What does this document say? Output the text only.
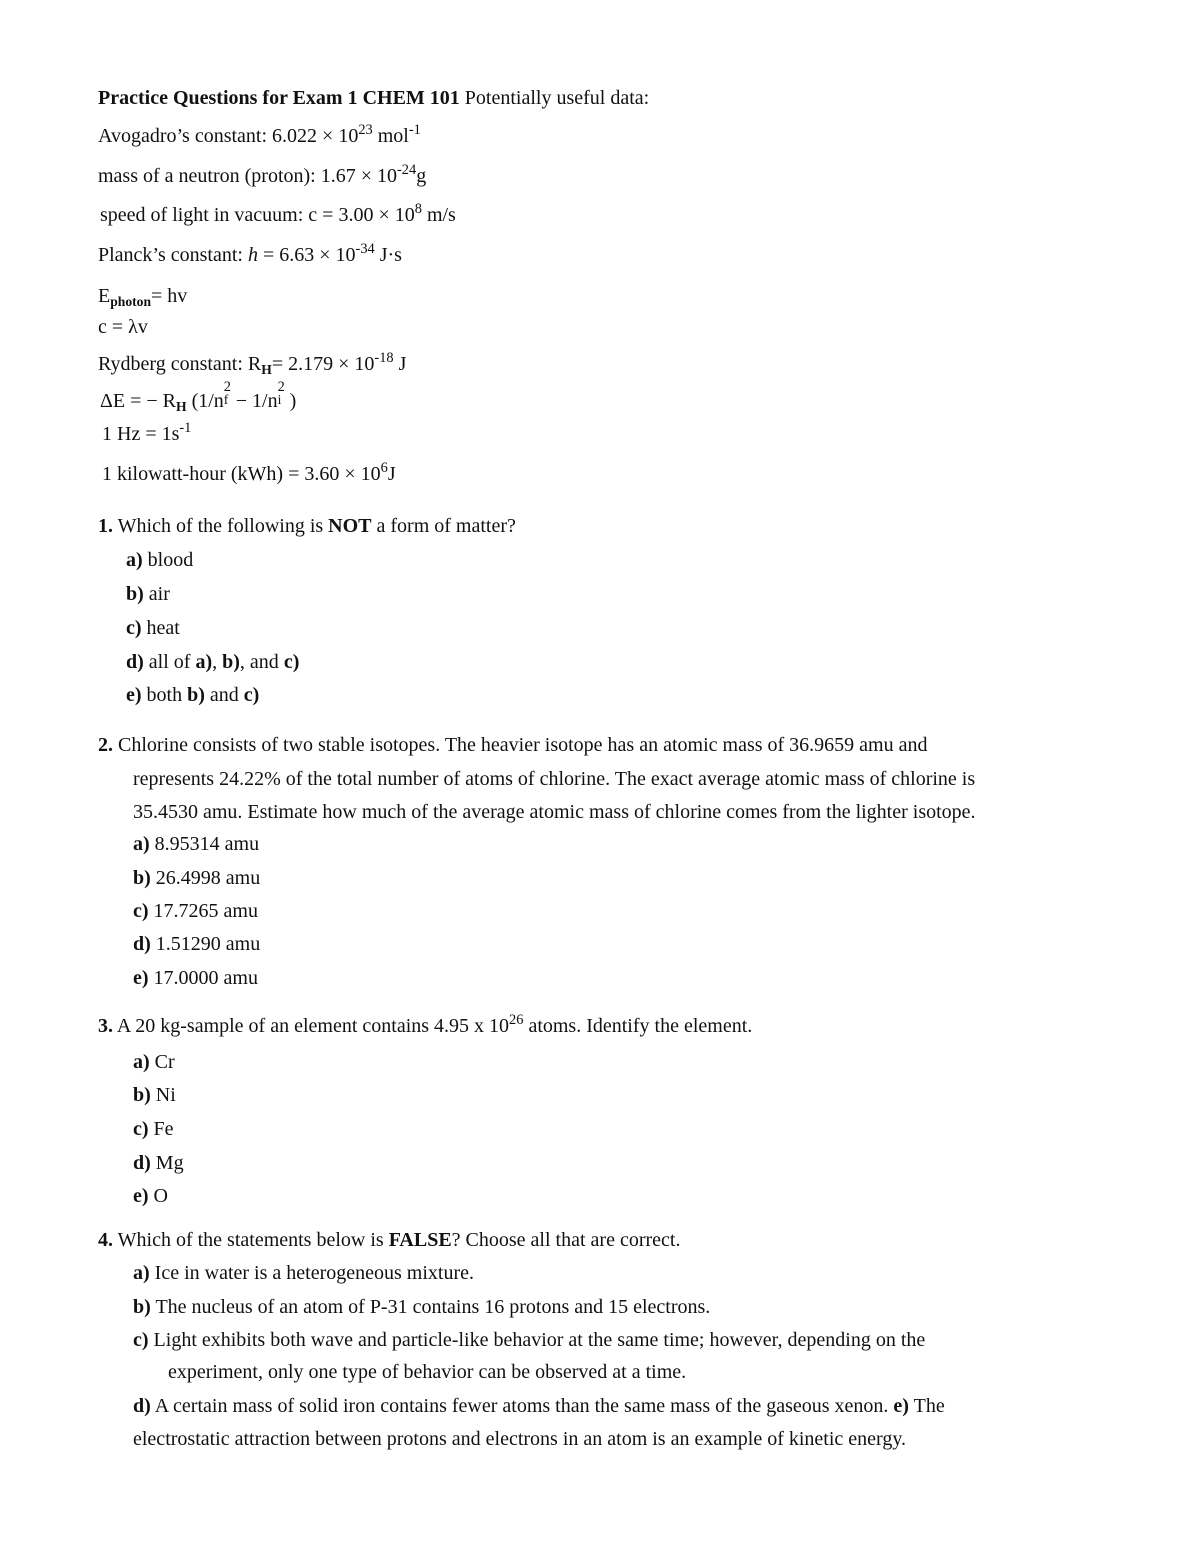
Practice Questions for Exam 1 CHEM 101 Potentially useful data:
Avogadro’s constant: $6.022 \times 10^{23}$ mol$^{-1}$
mass of a neutron (proton): $1.67 \times 10^{-24}g$
speed of light in vacuum: $c = 3.00 \times 10^8$ m/s
Planck’s constant: $h = 6.63 \times 10^{-34}$ J·s
$E_{photon}=$ hv
c = λv
Rydberg constant: $R_H= 2.179 \times 10^{-18}$ J
ΔE = − $R_H$ (1/n
2
f − 1/n
2
i )
1 $Hz = 1s^{-1}$
1 kilowatt-hour $(kWh) = 3.60 \times 10^6J$
1. Which of the following is NOT a form of matter?
a) blood
b) air
c) heat
d) all of a), b), and c)
e) both b) and c)
2. Chlorine consists of two stable isotopes. The heavier isotope has an atomic mass of 36.9659 amu and
represents 24.22% of the total number of atoms of chlorine. The exact average atomic mass of chlorine is
35.4530 amu. Estimate how much of the average atomic mass of chlorine comes from the lighter isotope.
a) 8.95314 amu
b) 26.4998 amu
c) 17.7265 amu
d) 1.51290 amu
e) 17.0000 amu
3. A 20 kg-sample of an element contains 4.95 x $10^{26}$ atoms. Identify the element.
a) Cr
b) Ni
c) Fe
d) Mg
e) O
4. Which of the statements below is FALSE? Choose all that are correct.
a) Ice in water is a heterogeneous mixture.
b) The nucleus of an atom of P-31 contains 16 protons and 15 electrons.
c) Light exhibits both wave and particle-like behavior at the same time; however, depending on the
experiment, only one type of behavior can be observed at a time.
d) A certain mass of solid iron contains fewer atoms than the same mass of the gaseous xenon. e) The
electrostatic attraction between protons and electrons in an atom is an example of kinetic energy.
